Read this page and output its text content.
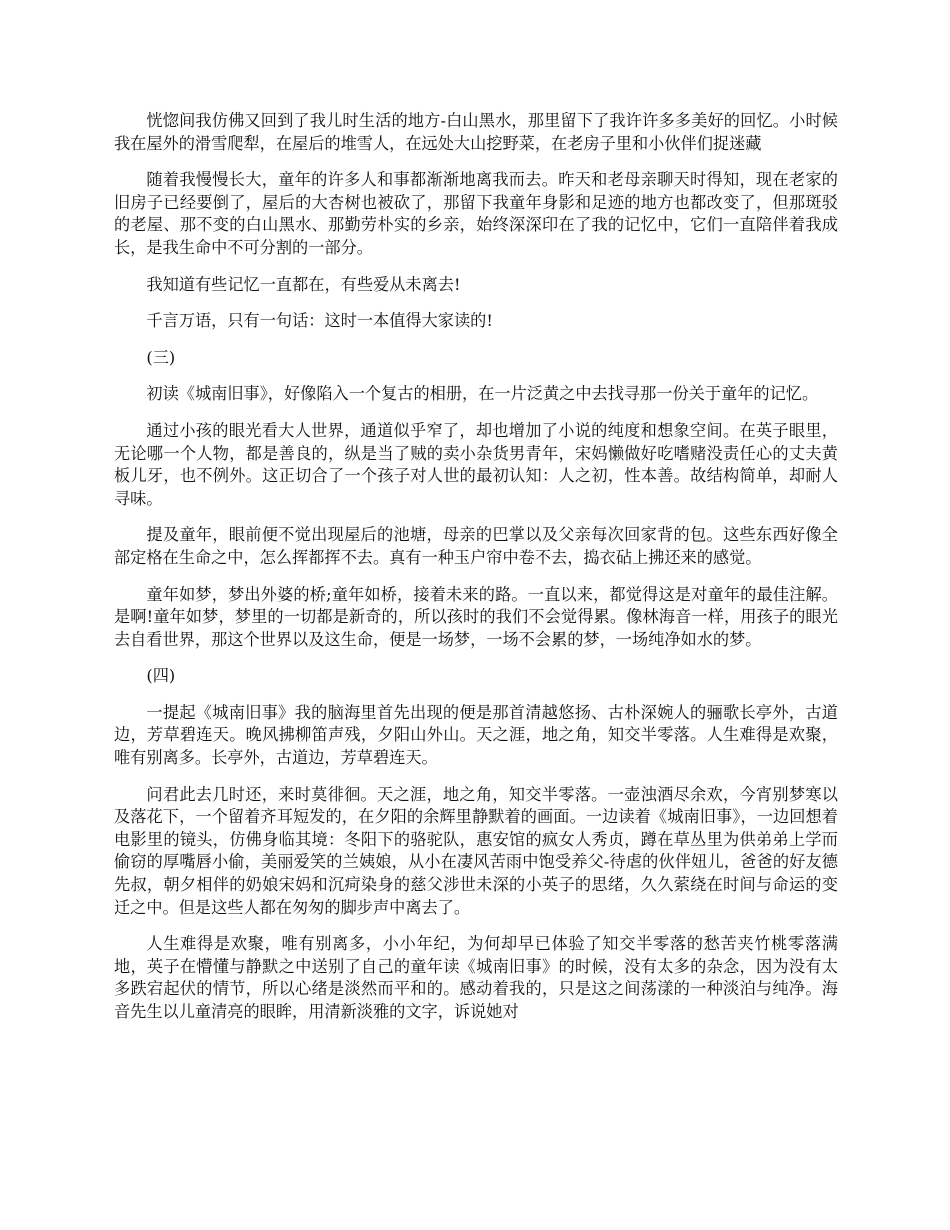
恍惚间我仿佛又回到了我儿时生活的地方-白山黑水，那里留下了我许许多多美好的回忆。小时候我在屋外的滑雪爬犁，在屋后的堆雪人，在远处大山挖野菜，在老房子里和小伙伴们捉迷藏

随着我慢慢长大，童年的许多人和事都渐渐地离我而去。昨天和老母亲聊天时得知，现在老家的旧房子已经要倒了，屋后的大杏树也被砍了，那留下我童年身影和足迹的地方也都改变了，但那斑驳的老屋、那不变的白山黑水、那勤劳朴实的乡亲，始终深深印在了我的记忆中，它们一直陪伴着我成长，是我生命中不可分割的一部分。

我知道有些记忆一直都在，有些爱从未离去!

千言万语，只有一句话：这时一本值得大家读的!

(三)

初读《城南旧事》，好像陷入一个复古的相册，在一片泛黄之中去找寻那一份关于童年的记忆。

通过小孩的眼光看大人世界，通道似乎窄了，却也增加了小说的纯度和想象空间。在英子眼里，无论哪一个人物，都是善良的，纵是当了贼的卖小杂货男青年，宋妈懒做好吃嗜赌没责任心的丈夫黄板儿牙，也不例外。这正切合了一个孩子对人世的最初认知：人之初，性本善。故结构简单，却耐人寻味。

提及童年，眼前便不觉出现屋后的池塘，母亲的巴掌以及父亲每次回家背的包。这些东西好像全部定格在生命之中，怎么挥都挥不去。真有一种玉户帘中卷不去，捣衣砧上拂还来的感觉。

童年如梦，梦出外婆的桥;童年如桥，接着未来的路。一直以来，都觉得这是对童年的最佳注解。是啊!童年如梦，梦里的一切都是新奇的，所以孩时的我们不会觉得累。像林海音一样，用孩子的眼光去自看世界，那这个世界以及这生命，便是一场梦，一场不会累的梦，一场纯净如水的梦。

(四)

一提起《城南旧事》我的脑海里首先出现的便是那首清越悠扬、古朴深婉人的骊歌长亭外，古道边，芳草碧连天。晚风拂柳笛声残，夕阳山外山。天之涯，地之角，知交半零落。人生难得是欢聚，唯有别离多。长亭外，古道边，芳草碧连天。

问君此去几时还，来时莫徘徊。天之涯，地之角，知交半零落。一壶浊酒尽余欢，今宵别梦寒以及落花下，一个留着齐耳短发的，在夕阳的余辉里静默着的画面。一边读着《城南旧事》，一边回想着电影里的镜头，仿佛身临其境：冬阳下的骆驼队，惠安馆的疯女人秀贞，蹲在草丛里为供弟弟上学而偷窃的厚嘴唇小偷，美丽爱笑的兰姨娘，从小在凄风苦雨中饱受养父-待虐的伙伴妞儿，爸爸的好友德先叔，朝夕相伴的奶娘宋妈和沉疴染身的慈父涉世未深的小英子的思绪，久久萦绕在时间与命运的变迁之中。但是这些人都在匆匆的脚步声中离去了。

人生难得是欢聚，唯有别离多，小小年纪，为何却早已体验了知交半零落的愁苦夹竹桃零落满地，英子在懵懂与静默之中送别了自己的童年读《城南旧事》的时候，没有太多的杂念，因为没有太多跌宕起伏的情节，所以心绪是淡然而平和的。感动着我的，只是这之间荡漾的一种淡泊与纯净。海音先生以儿童清亮的眼眸，用清新淡雅的文字，诉说她对
